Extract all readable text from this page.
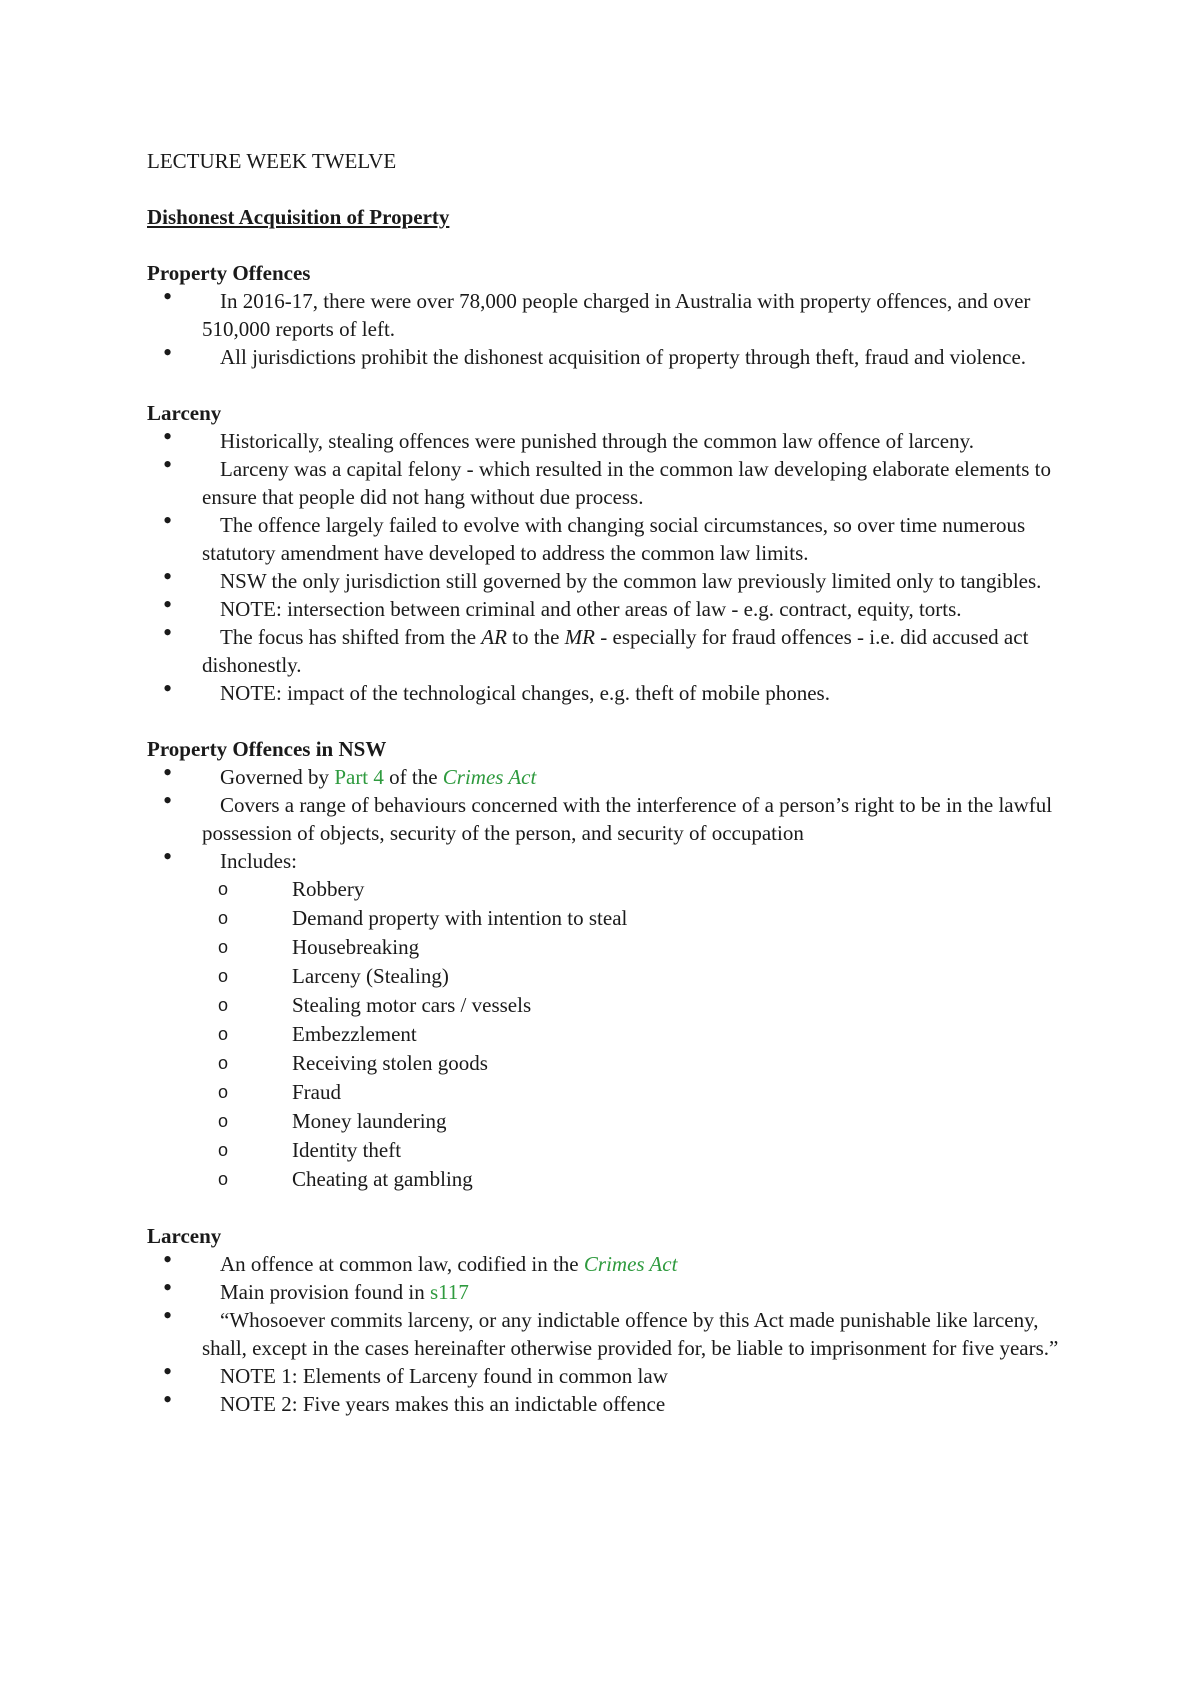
LECTURE WEEK TWELVE

Dishonest Acquisition of Property

Property Offences

• In 2016-17, there were over 78,000 people charged in Australia with property offences, and over 510,000 reports of left.
• All jurisdictions prohibit the dishonest acquisition of property through theft, fraud and violence.

Larceny

• Historically, stealing offences were punished through the common law offence of larceny.
• Larceny was a capital felony - which resulted in the common law developing elaborate elements to ensure that people did not hang without due process.
• The offence largely failed to evolve with changing social circumstances, so over time numerous statutory amendment have developed to address the common law limits.
• NSW the only jurisdiction still governed by the common law previously limited only to tangibles.
• NOTE: intersection between criminal and other areas of law - e.g. contract, equity, torts.
• The focus has shifted from the AR to the MR - especially for fraud offences - i.e. did accused act dishonestly.
• NOTE: impact of the technological changes, e.g. theft of mobile phones.

Property Offences in NSW

• Governed by Part 4 of the Crimes Act
• Covers a range of behaviours concerned with the interference of a person’s right to be in the lawful possession of objects, security of the person, and security of occupation
• Includes:
o Robbery
o Demand property with intention to steal
o Housebreaking
o Larceny (Stealing)
o Stealing motor cars / vessels
o Embezzlement
o Receiving stolen goods
o Fraud
o Money laundering
o Identity theft
o Cheating at gambling

Larceny

• An offence at common law, codified in the Crimes Act
• Main provision found in s117
• “Whosoever commits larceny, or any indictable offence by this Act made punishable like larceny, shall, except in the cases hereinafter otherwise provided for, be liable to imprisonment for five years.”
• NOTE 1: Elements of Larceny found in common law
• NOTE 2: Five years makes this an indictable offence
